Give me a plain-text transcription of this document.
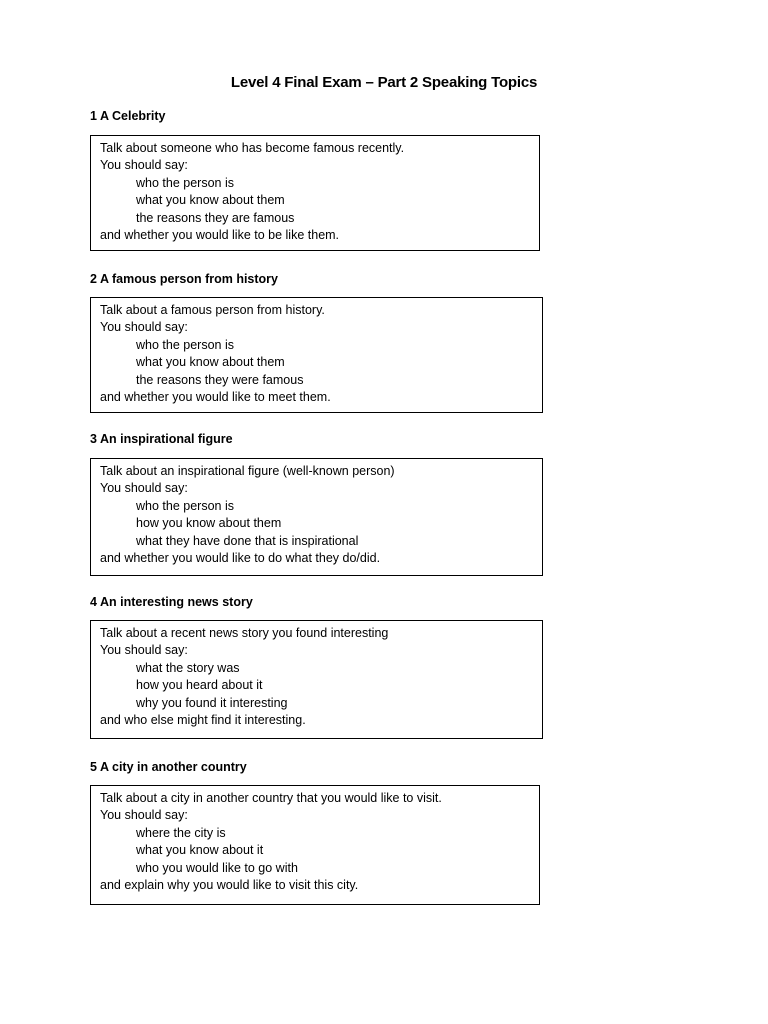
Level 4 Final Exam – Part 2 Speaking Topics
1 A Celebrity
Talk about someone who has become famous recently.
You should say:
who the person is
what you know about them
the reasons they are famous
and whether you would like to be like them.
2 A famous person from history
Talk about a famous person from history.
You should say:
who the person is
what you know about them
the reasons they were famous
and whether you would like to meet them.
3 An inspirational figure
Talk about an inspirational figure (well-known person)
You should say:
who the person is
how you know about them
what they have done that is inspirational
and whether you would like to do what they do/did.
4 An interesting news story
Talk about a recent news story you found interesting
You should say:
what the story was
how you heard about it
why you found it interesting
and who else might find it interesting.
5 A city in another country
Talk about a city in another country that you would like to visit.
You should say:
where the city is
what you know about it
who you would like to go with
and explain why you would like to visit this city.
